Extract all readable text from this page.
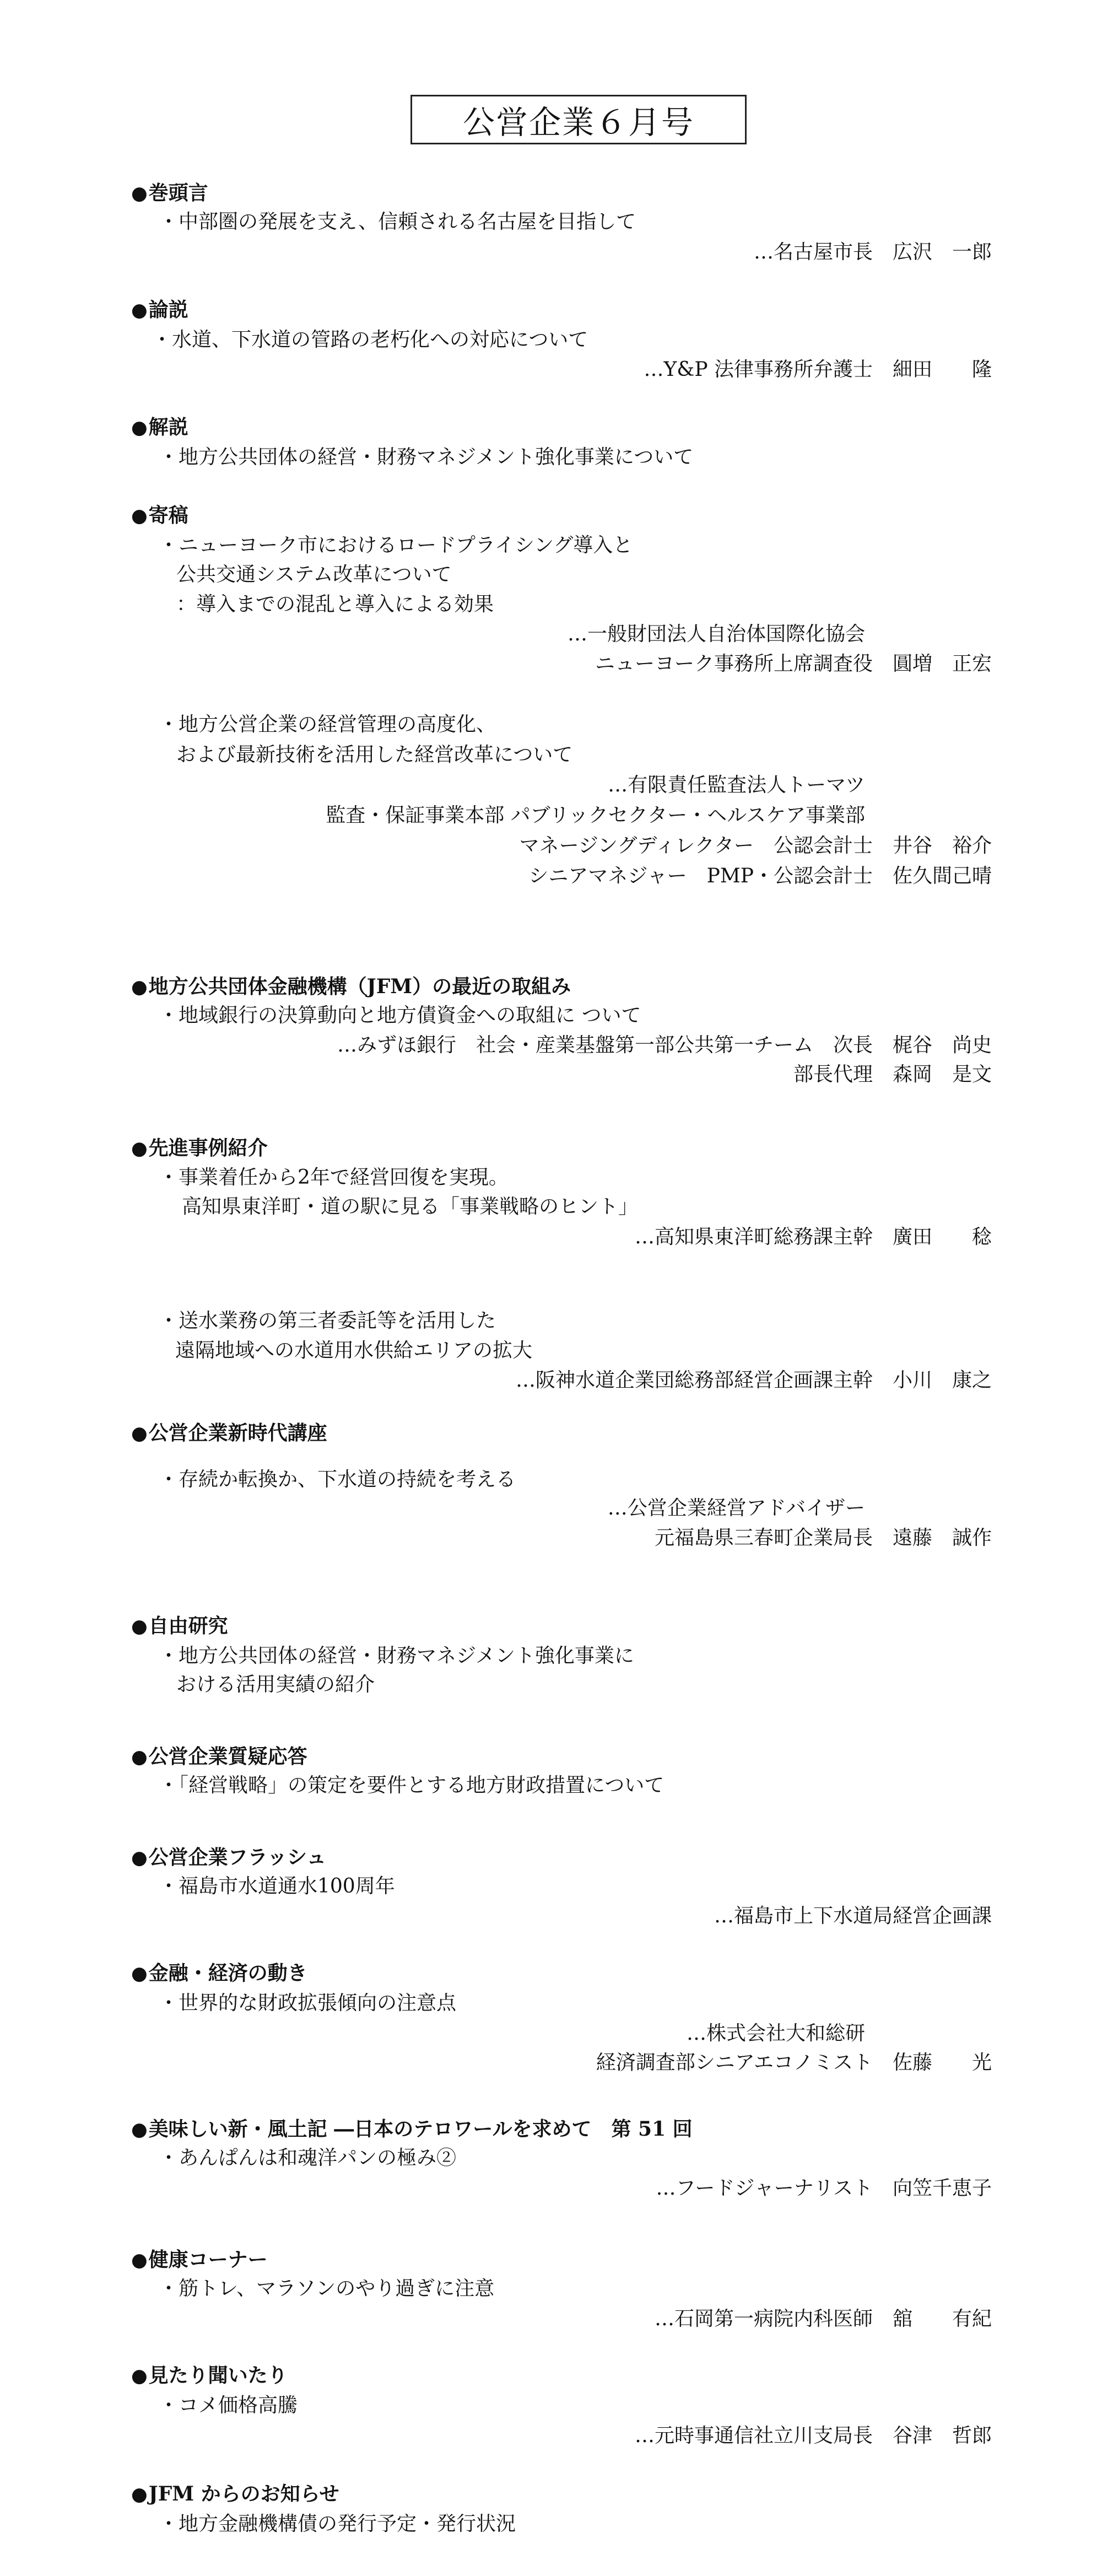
公営企業６月号
●巻頭言
・中部圏の発展を支え、信頼される名古屋を目指して
…名古屋市長　広沢　一郎
●論説
・水道、下水道の管路の老朽化への対応について
…Y&P 法律事務所弁護士　細田　　隆
●解説
・地方公共団体の経営・財務マネジメント強化事業について
●寄稿
・ニューヨーク市におけるロードプライシング導入と
公共交通システム改革について
：導入までの混乱と導入による効果
…一般財団法人自治体国際化協会
ニューヨーク事務所上席調査役　圓増　正宏
・地方公営企業の経営管理の高度化、
および最新技術を活用した経営改革について
…有限責任監査法人トーマツ
監査・保証事業本部 パブリックセクター・ヘルスケア事業部
マネージングディレクター　公認会計士　井谷　裕介
シニアマネジャー　PMP・公認会計士　佐久間己晴
●地方公共団体金融機構（JFM）の最近の取組み
・地域銀行の決算動向と地方債資金への取組に ついて
…みずほ銀行　社会・産業基盤第一部公共第一チーム　次長　梶谷　尚史
部長代理　森岡　是文
●先進事例紹介
・事業着任から2年で経営回復を実現。
高知県東洋町・道の駅に見る「事業戦略のヒント」
…高知県東洋町総務課主幹　廣田　　稔
・送水業務の第三者委託等を活用した
遠隔地域への水道用水供給エリアの拡大
…阪神水道企業団総務部経営企画課主幹　小川　康之
●公営企業新時代講座
・存続か転換か、下水道の持続を考える
…公営企業経営アドバイザー
元福島県三春町企業局長　遠藤　誠作
●自由研究
・地方公共団体の経営・財務マネジメント強化事業に
おける活用実績の紹介
●公営企業質疑応答
・「経営戦略」の策定を要件とする地方財政措置について
●公営企業フラッシュ
・福島市水道通水100周年
…福島市上下水道局経営企画課
●金融・経済の動き
・世界的な財政拡張傾向の注意点
…株式会社大和総研
経済調査部シニアエコノミスト　佐藤　　光
●美味しい新・風土記 ―日本のテロワールを求めて　第 51 回
・あんぱんは和魂洋パンの極み②
…フードジャーナリスト　向笠千恵子
●健康コーナー
・筋トレ、マラソンのやり過ぎに注意
…石岡第一病院内科医師　舘　　有紀
●見たり聞いたり
・コメ価格高騰
…元時事通信社立川支局長　谷津　哲郎
●JFM からのお知らせ
・地方金融機構債の発行予定・発行状況
